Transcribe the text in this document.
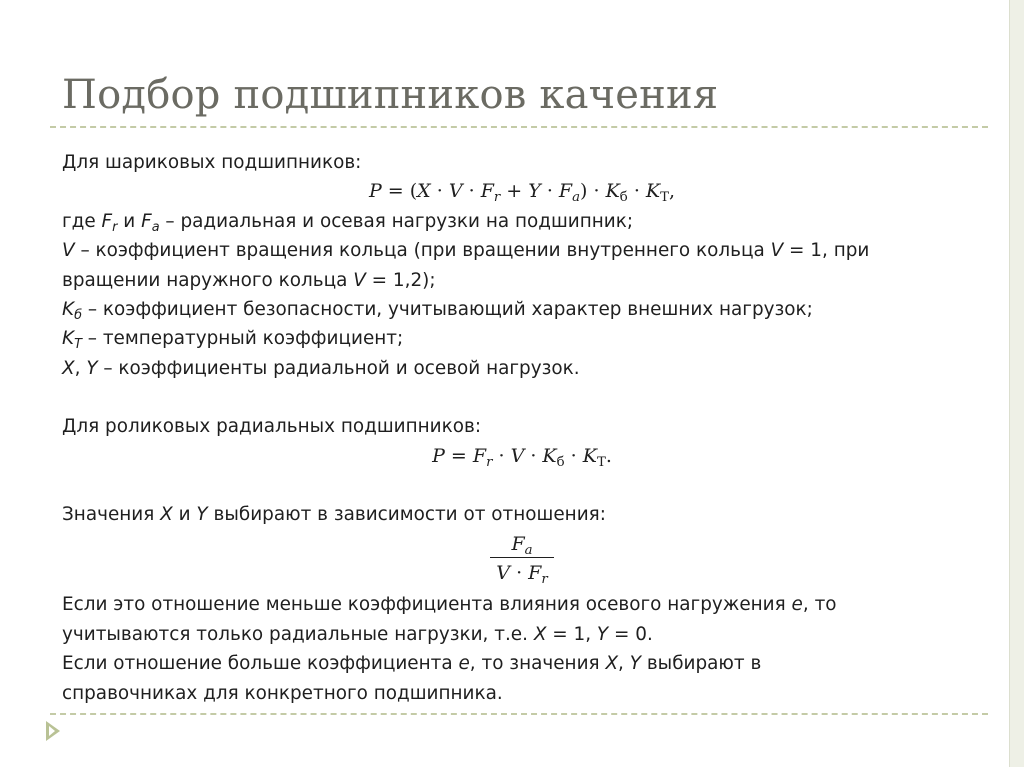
Подбор подшипников качения
Для шариковых подшипников:
$P = (X \cdot V \cdot F_r + Y \cdot F_a) \cdot K_б \cdot K_Т$,
где $F_r$ и $F_a$ – радиальная и осевая нагрузки на подшипник;
V – коэффициент вращения кольца (при вращении внутреннего кольца V = 1, при
вращении наружного кольца V = 1,2);
$K_б$ – коэффициент безопасности, учитывающий характер внешних нагрузок;
$K_Т$ – температурный коэффициент;
X, Y – коэффициенты радиальной и осевой нагрузок.
Для роликовых радиальных подшипников:
$P = F_r \cdot V \cdot K_б \cdot K_Т$.
Значения X и Y выбирают в зависимости от отношения:
$\frac{F_a}{V \cdot F_r}$
Если это отношение меньше коэффициента влияния осевого нагружения e, то
учитываются только радиальные нагрузки, т.е. X = 1, Y = 0.
Если отношение больше коэффициента e, то значения X, Y выбирают в
справочниках для конкретного подшипника.
